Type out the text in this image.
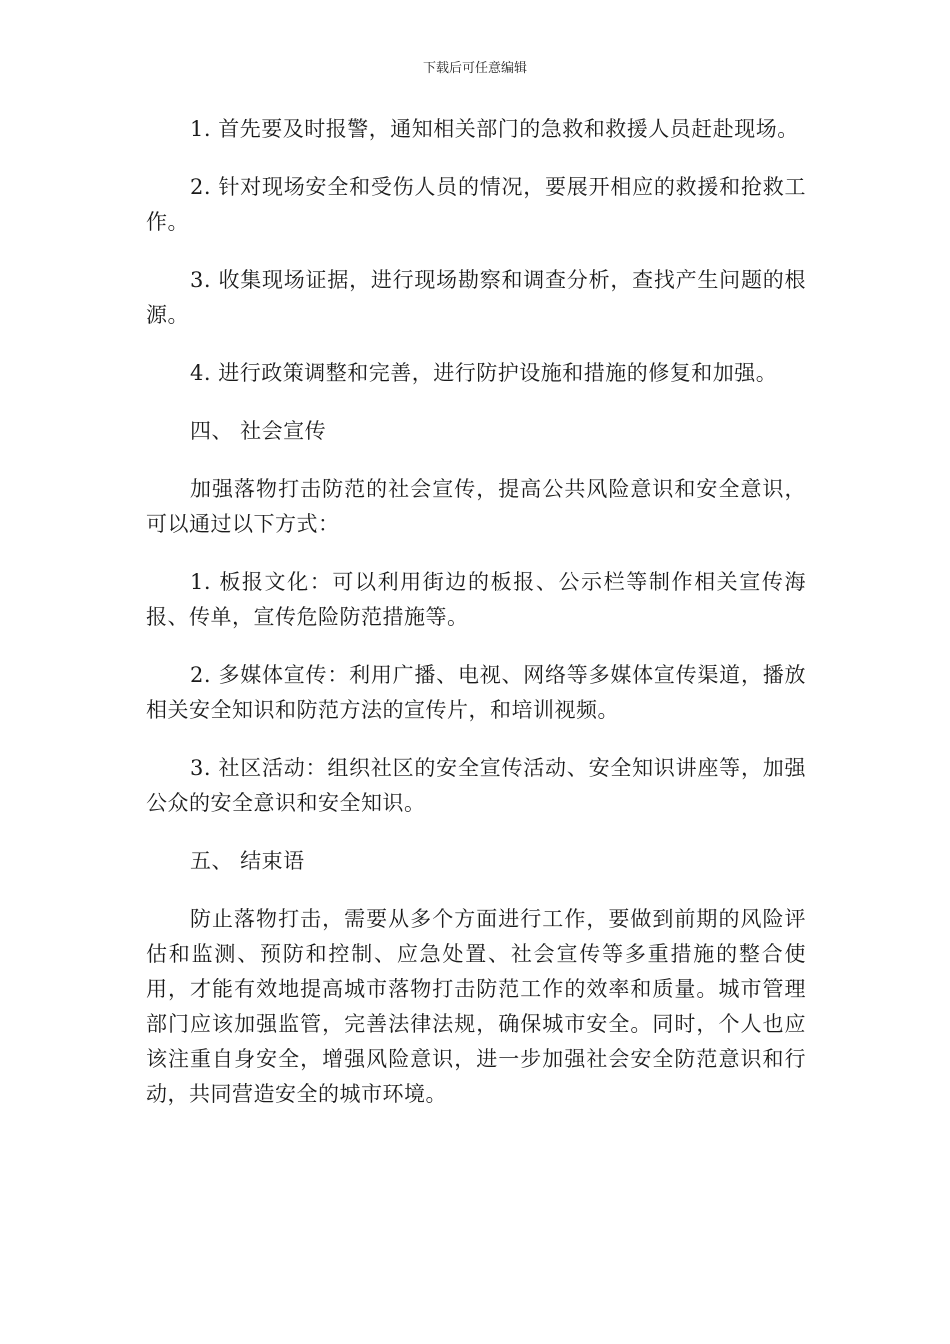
下载后可任意编辑

1. 首先要及时报警，通知相关部门的急救和救援人员赶赴现场。

2. 针对现场安全和受伤人员的情况，要展开相应的救援和抢救工作。

3. 收集现场证据，进行现场勘察和调查分析，查找产生问题的根源。

4. 进行政策调整和完善，进行防护设施和措施的修复和加强。

四、 社会宣传

加强落物打击防范的社会宣传，提高公共风险意识和安全意识，可以通过以下方式：

1. 板报文化：可以利用街边的板报、公示栏等制作相关宣传海报、传单，宣传危险防范措施等。

2. 多媒体宣传：利用广播、电视、网络等多媒体宣传渠道，播放相关安全知识和防范方法的宣传片，和培训视频。

3. 社区活动：组织社区的安全宣传活动、安全知识讲座等，加强公众的安全意识和安全知识。

五、 结束语

防止落物打击，需要从多个方面进行工作，要做到前期的风险评估和监测、预防和控制、应急处置、社会宣传等多重措施的整合使用，才能有效地提高城市落物打击防范工作的效率和质量。城市管理部门应该加强监管，完善法律法规，确保城市安全。同时，个人也应该注重自身安全，增强风险意识，进一步加强社会安全防范意识和行动，共同营造安全的城市环境。
